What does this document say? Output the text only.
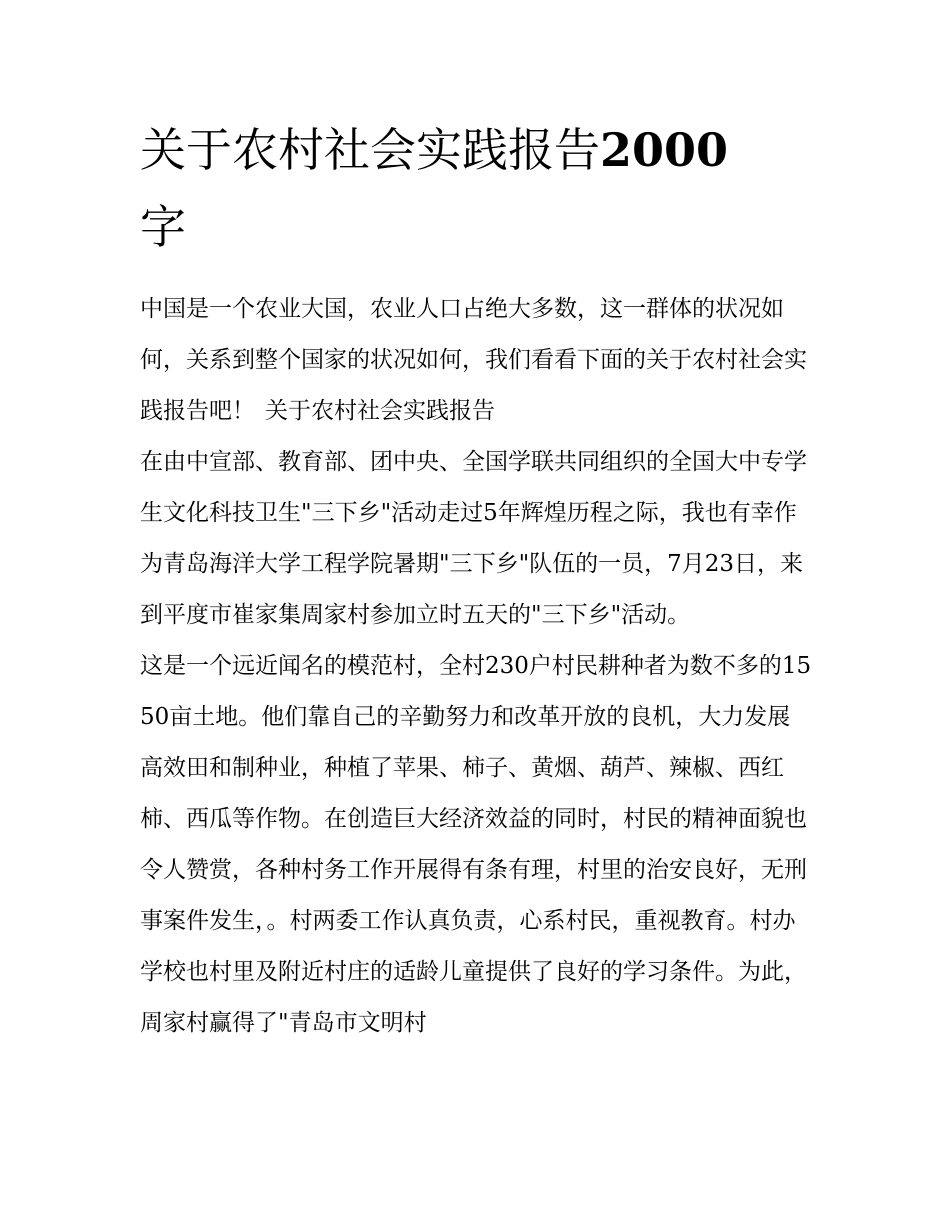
关于农村社会实践报告2000
字

中国是一个农业大国，农业人口占绝大多数，这一群体的状况如何，关系到整个国家的状况如何，我们看看下面的关于农村社会实践报告吧！ 关于农村社会实践报告

在由中宣部、教育部、团中央、全国学联共同组织的全国大中专学生文化科技卫生"三下乡"活动走过5年辉煌历程之际，我也有幸作为青岛海洋大学工程学院暑期"三下乡"队伍的一员，7月23日，来到平度市崔家集周家村参加立时五天的"三下乡"活动。

这是一个远近闻名的模范村，全村230户村民耕种者为数不多的1550亩土地。他们靠自己的辛勤努力和改革开放的良机，大力发展高效田和制种业，种植了苹果、柿子、黄烟、葫芦、辣椒、西红柿、西瓜等作物。在创造巨大经济效益的同时，村民的精神面貌也令人赞赏，各种村务工作开展得有条有理，村里的治安良好，无刑事案件发生，。村两委工作认真负责，心系村民，重视教育。村办学校也村里及附近村庄的适龄儿童提供了良好的学习条件。为此，周家村赢得了"青岛市文明村
